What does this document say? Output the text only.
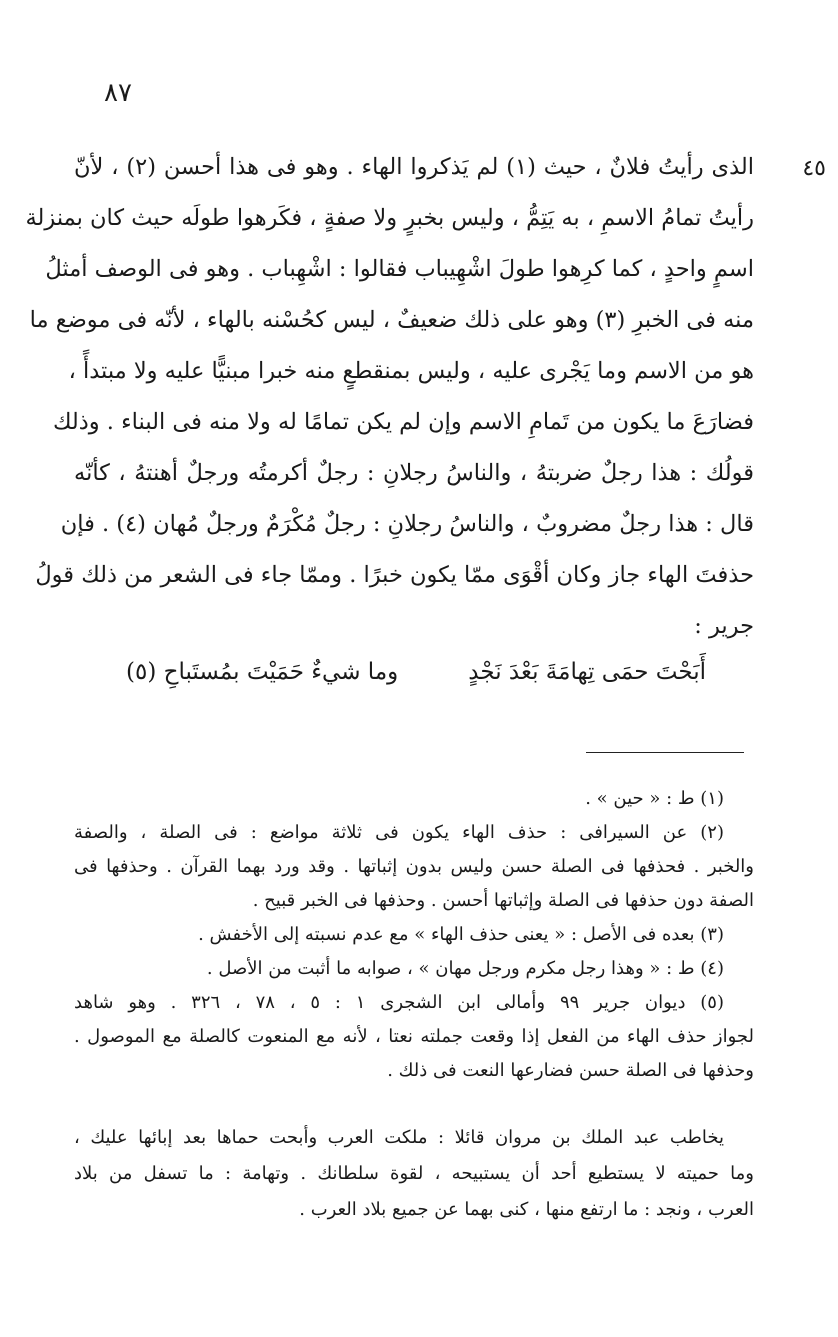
٨٧
٤٥
الذى رأيتُ فلانٌ ، حيث (١) لم يَذكروا الهاء . وهو فى هذا أحسن (٢) ، لأنّ
رأيتُ تمامُ الاسمِ ، به يَتِمُّ ، وليس بخبرٍ ولا صفةٍ ، فكَرهوا طولَه حيث كان بمنزلة
اسمٍ واحدٍ ، كما كرِهوا طولَ اشْهِيباب فقالوا : اشْهِباب . وهو فى الوصف أمثلُ
منه فى الخبرِ (٣) وهو على ذلك ضعيفٌ ، ليس كحُسْنه بالهاء ، لأنّه فى موضع ما
هو من الاسم وما يَجْرى عليه ، وليس بمنقطعٍ منه خبرا مبنيًّا عليه ولا مبتدأً ،
فضارَعَ ما يكون من تَمامِ الاسم وإن لم يكن تمامًا له ولا منه فى البناء . وذلك
قولُك : هذا رجلٌ ضربتهُ ، والناسُ رجلانِ : رجلٌ أكرمتُه ورجلٌ أهنتهُ ، كأنّه
قال : هذا رجلٌ مضروبٌ ، والناسُ رجلانِ : رجلٌ مُكْرَمٌ ورجلٌ مُهان (٤) . فإن
حذفتَ الهاء جاز وكان أقْوَى ممّا يكون خبرًا . وممّا جاء فى الشعر من ذلك قولُ
جرير :
أَبَحْتَ حمَى تِهامَةَ بَعْدَ نَجْدٍ
وما شيءٌ حَمَيْتَ بمُستَباحِ (٥)
(١) ط : « حين » .
(٢) عن السيرافى : حذف الهاء يكون فى ثلاثة مواضع : فى الصلة ، والصفة
والخبر . فحذفها فى الصلة حسن وليس بدون إثباتها . وقد ورد بهما القرآن . وحذفها فى
الصفة دون حذفها فى الصلة وإثباتها أحسن . وحذفها فى الخبر قبيح .
(٣) بعده فى الأصل : « يعنى حذف الهاء » مع عدم نسبته إلى الأخفش .
(٤) ط : « وهذا رجل مكرم ورجل مهان » ، صوابه ما أثبت من الأصل .
(٥) ديوان جرير ٩٩ وأمالى ابن الشجرى ١ : ٥ ، ٧٨ ، ٣٢٦ . وهو شاهد
لجواز حذف الهاء من الفعل إذا وقعت جملته نعتا ، لأنه مع المنعوت كالصلة مع الموصول .
وحذفها فى الصلة حسن فضارعها النعت فى ذلك .
يخاطب عبد الملك بن مروان قائلا : ملكت العرب وأبحت حماها بعد إبائها عليك ،
وما حميته لا يستطيع أحد أن يستبيحه ، لقوة سلطانك . وتهامة : ما تسفل من بلاد
العرب ، ونجد : ما ارتفع منها ، كنى بهما عن جميع بلاد العرب .
